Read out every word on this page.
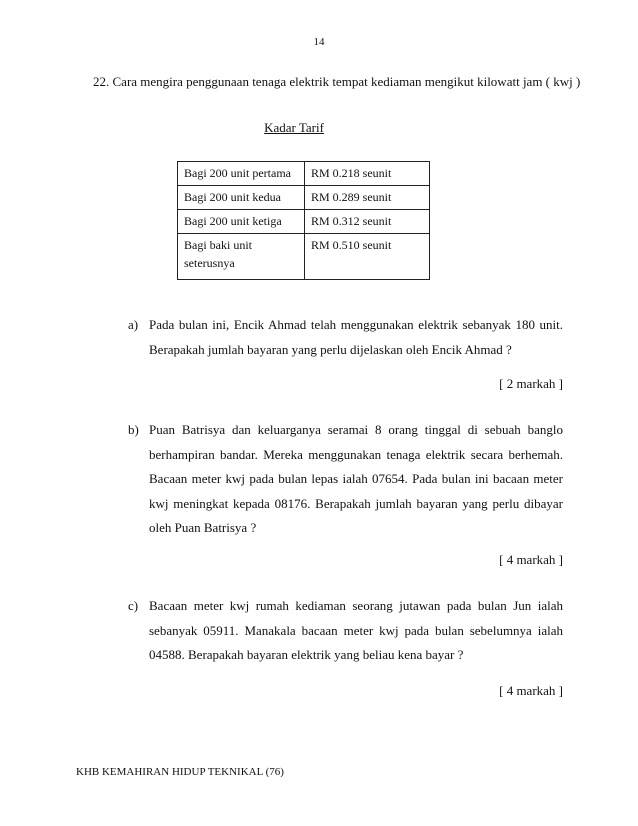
14
22. Cara mengira penggunaan tenaga elektrik tempat kediaman mengikut kilowatt jam ( kwj )
Kadar Tarif
Bagi 200 unit pertama	RM 0.218 seunit
Bagi 200 unit kedua	RM 0.289 seunit
Bagi 200 unit ketiga	RM 0.312 seunit
Bagi baki unit seterusnya	RM 0.510 seunit
a) Pada bulan ini, Encik Ahmad telah menggunakan elektrik sebanyak 180 unit. Berapakah jumlah bayaran yang perlu dijelaskan oleh Encik Ahmad ?
[ 2 markah ]
b) Puan Batrisya dan keluarganya seramai 8 orang tinggal di sebuah banglo berhampiran bandar. Mereka menggunakan tenaga elektrik secara berhemah. Bacaan meter kwj pada bulan lepas ialah 07654. Pada bulan ini bacaan meter kwj meningkat kepada 08176. Berapakah jumlah bayaran yang perlu dibayar oleh Puan Batrisya ?
[ 4 markah ]
c) Bacaan meter kwj rumah kediaman seorang jutawan pada bulan Jun ialah sebanyak 05911. Manakala bacaan meter kwj pada bulan sebelumnya ialah 04588. Berapakah bayaran elektrik yang beliau kena bayar ?
[ 4 markah ]
KHB KEMAHIRAN HIDUP TEKNIKAL (76)
